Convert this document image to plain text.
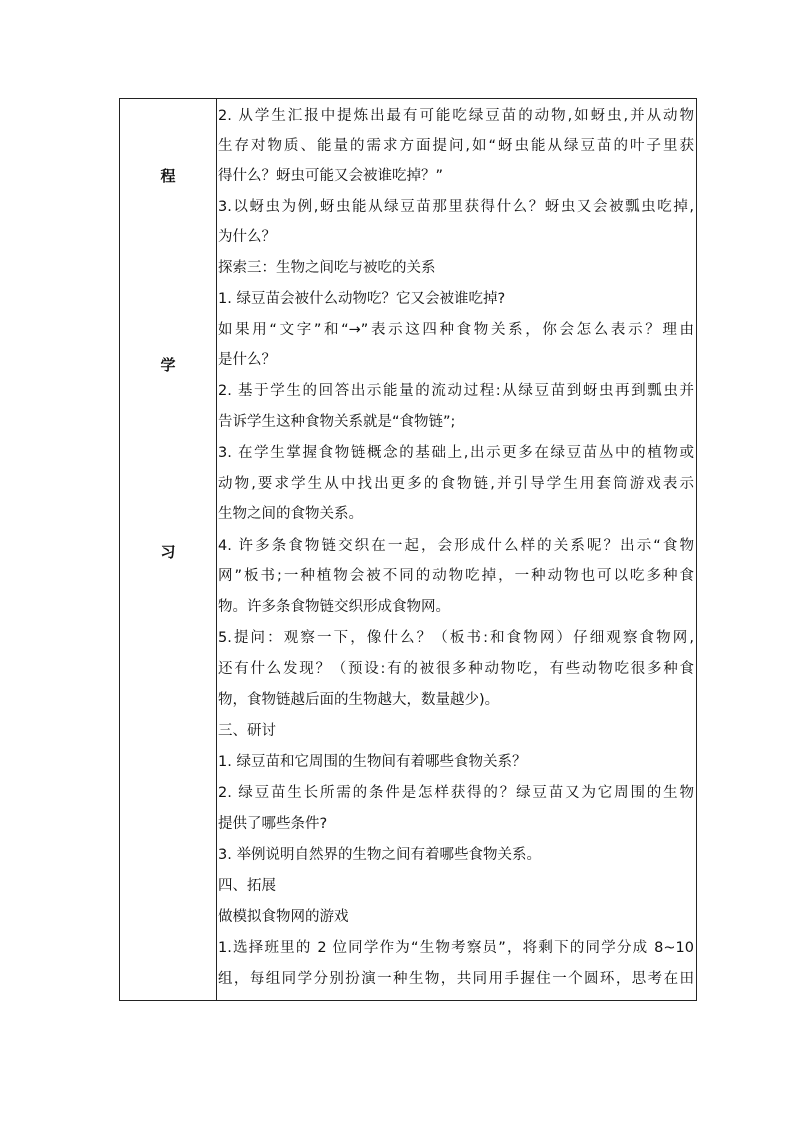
程
学
习
2. 从学生汇报中提炼出最有可能吃绿豆苗的动物,如蚜虫,并从动物
生存对物质、能量的需求方面提问,如“蚜虫能从绿豆苗的叶子里获
得什么？蚜虫可能又会被谁吃掉？”
3.以蚜虫为例,蚜虫能从绿豆苗那里获得什么？蚜虫又会被瓢虫吃掉,
为什么？
探索三：生物之间吃与被吃的关系
1. 绿豆苗会被什么动物吃？它又会被谁吃掉?
如果用“文字”和“→”表示这四种食物关系，你会怎么表示？理由
是什么？
2. 基于学生的回答出示能量的流动过程:从绿豆苗到蚜虫再到瓢虫并
告诉学生这种食物关系就是“食物链”;
3. 在学生掌握食物链概念的基础上,出示更多在绿豆苗丛中的植物或
动物,要求学生从中找出更多的食物链,并引导学生用套筒游戏表示
生物之间的食物关系。
4. 许多条食物链交织在一起，会形成什么样的关系呢？出示“食物
网”板书;一种植物会被不同的动物吃掉，一种动物也可以吃多种食
物。许多条食物链交织形成食物网。
5.提问：观察一下，像什么？（板书:和食物网）仔细观察食物网,
还有什么发现？（预设:有的被很多种动物吃，有些动物吃很多种食
物，食物链越后面的生物越大，数量越少)。
三、研讨
1. 绿豆苗和它周围的生物间有着哪些食物关系？
2. 绿豆苗生长所需的条件是怎样获得的？绿豆苗又为它周围的生物
提供了哪些条件?
3. 举例说明自然界的生物之间有着哪些食物关系。
四、拓展
做模拟食物网的游戏
1.选择班里的 2 位同学作为“生物考察员”，将剩下的同学分成 8~10
组，每组同学分别扮演一种生物，共同用手握住一个圆环，思考在田
